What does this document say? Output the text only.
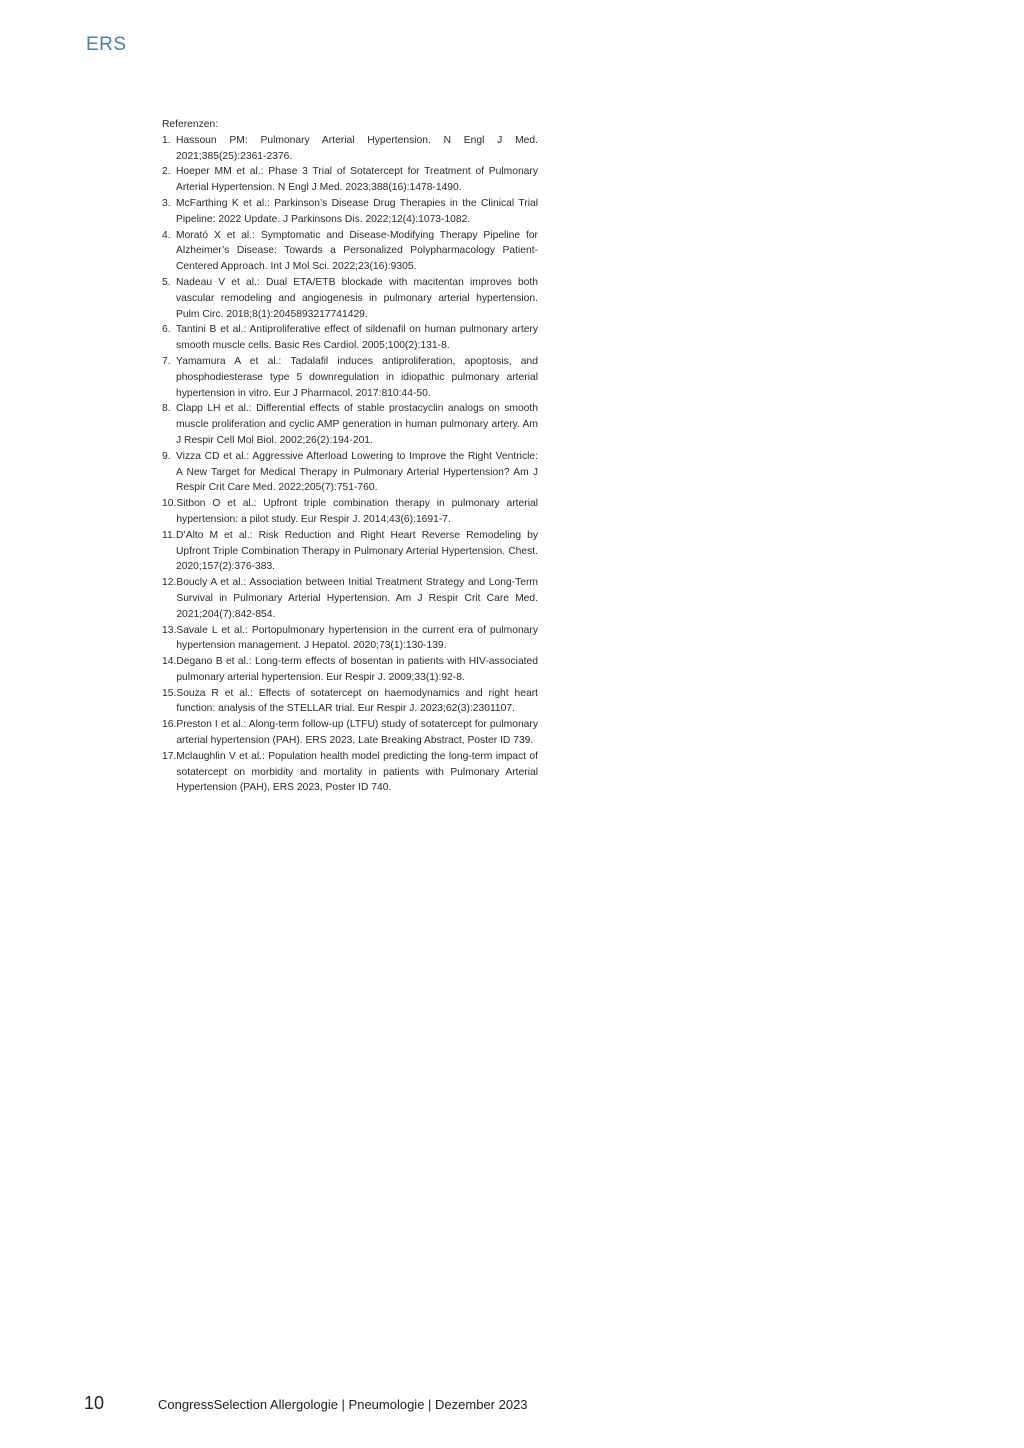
ERS

Referenzen:

1. Hassoun PM: Pulmonary Arterial Hypertension. N Engl J Med. 2021;385(25):2361-2376.
2. Hoeper MM et al.: Phase 3 Trial of Sotatercept for Treatment of Pulmonary Arterial Hypertension. N Engl J Med. 2023;388(16):1478-1490.
3. McFarthing K et al.: Parkinson’s Disease Drug Therapies in the Clinical Trial Pipeline: 2022 Update. J Parkinsons Dis. 2022;12(4):1073-1082.
4. Morató X et al.: Symptomatic and Disease-Modifying Therapy Pipeline for Alzheimer’s Disease: Towards a Personalized Polypharmacology Patient-Centered Approach. Int J Mol Sci. 2022;23(16):9305.
5. Nadeau V et al.: Dual ETA/ETB blockade with macitentan improves both vascular remodeling and angiogenesis in pulmonary arterial hypertension. Pulm Circ. 2018;8(1):2045893217741429.
6. Tantini B et al.: Antiproliferative effect of sildenafil on human pulmonary artery smooth muscle cells. Basic Res Cardiol. 2005;100(2):131-8.
7. Yamamura A et al.: Tadalafil induces antiproliferation, apoptosis, and phosphodiesterase type 5 downregulation in idiopathic pulmonary arterial hypertension in vitro. Eur J Pharmacol. 2017:810:44-50.
8. Clapp LH et al.: Differential effects of stable prostacyclin analogs on smooth muscle proliferation and cyclic AMP generation in human pulmonary artery. Am J Respir Cell Mol Biol. 2002;26(2):194-201.
9. Vizza CD et al.: Aggressive Afterload Lowering to Improve the Right Ventricle: A New Target for Medical Therapy in Pulmonary Arterial Hypertension? Am J Respir Crit Care Med. 2022;205(7):751-760.
10. Sitbon O et al.: Upfront triple combination therapy in pulmonary arterial hypertension: a pilot study. Eur Respir J. 2014;43(6):1691-7.
11. D’Alto M et al.: Risk Reduction and Right Heart Reverse Remodeling by Upfront Triple Combination Therapy in Pulmonary Arterial Hypertension. Chest. 2020;157(2):376-383.
12. Boucly A et al.: Association between Initial Treatment Strategy and Long-Term Survival in Pulmonary Arterial Hypertension. Am J Respir Crit Care Med. 2021;204(7):842-854.
13. Savale L et al.: Portopulmonary hypertension in the current era of pulmonary hypertension management. J Hepatol. 2020;73(1):130-139.
14. Degano B et al.: Long-term effects of bosentan in patients with HIV-associated pulmonary arterial hypertension. Eur Respir J. 2009;33(1):92-8.
15. Souza R et al.: Effects of sotatercept on haemodynamics and right heart function: analysis of the STELLAR trial. Eur Respir J. 2023;62(3):2301107.
16. Preston I et al.: Along-term follow-up (LTFU) study of sotatercept for pulmonary arterial hypertension (PAH). ERS 2023, Late Breaking Abstract, Poster ID 739.
17. Mclaughlin V et al.: Population health model predicting the long-term impact of sotatercept on morbidity and mortality in patients with Pulmonary Arterial Hypertension (PAH), ERS 2023, Poster ID 740.
10	CongressSelection Allergologie | Pneumologie | Dezember 2023
